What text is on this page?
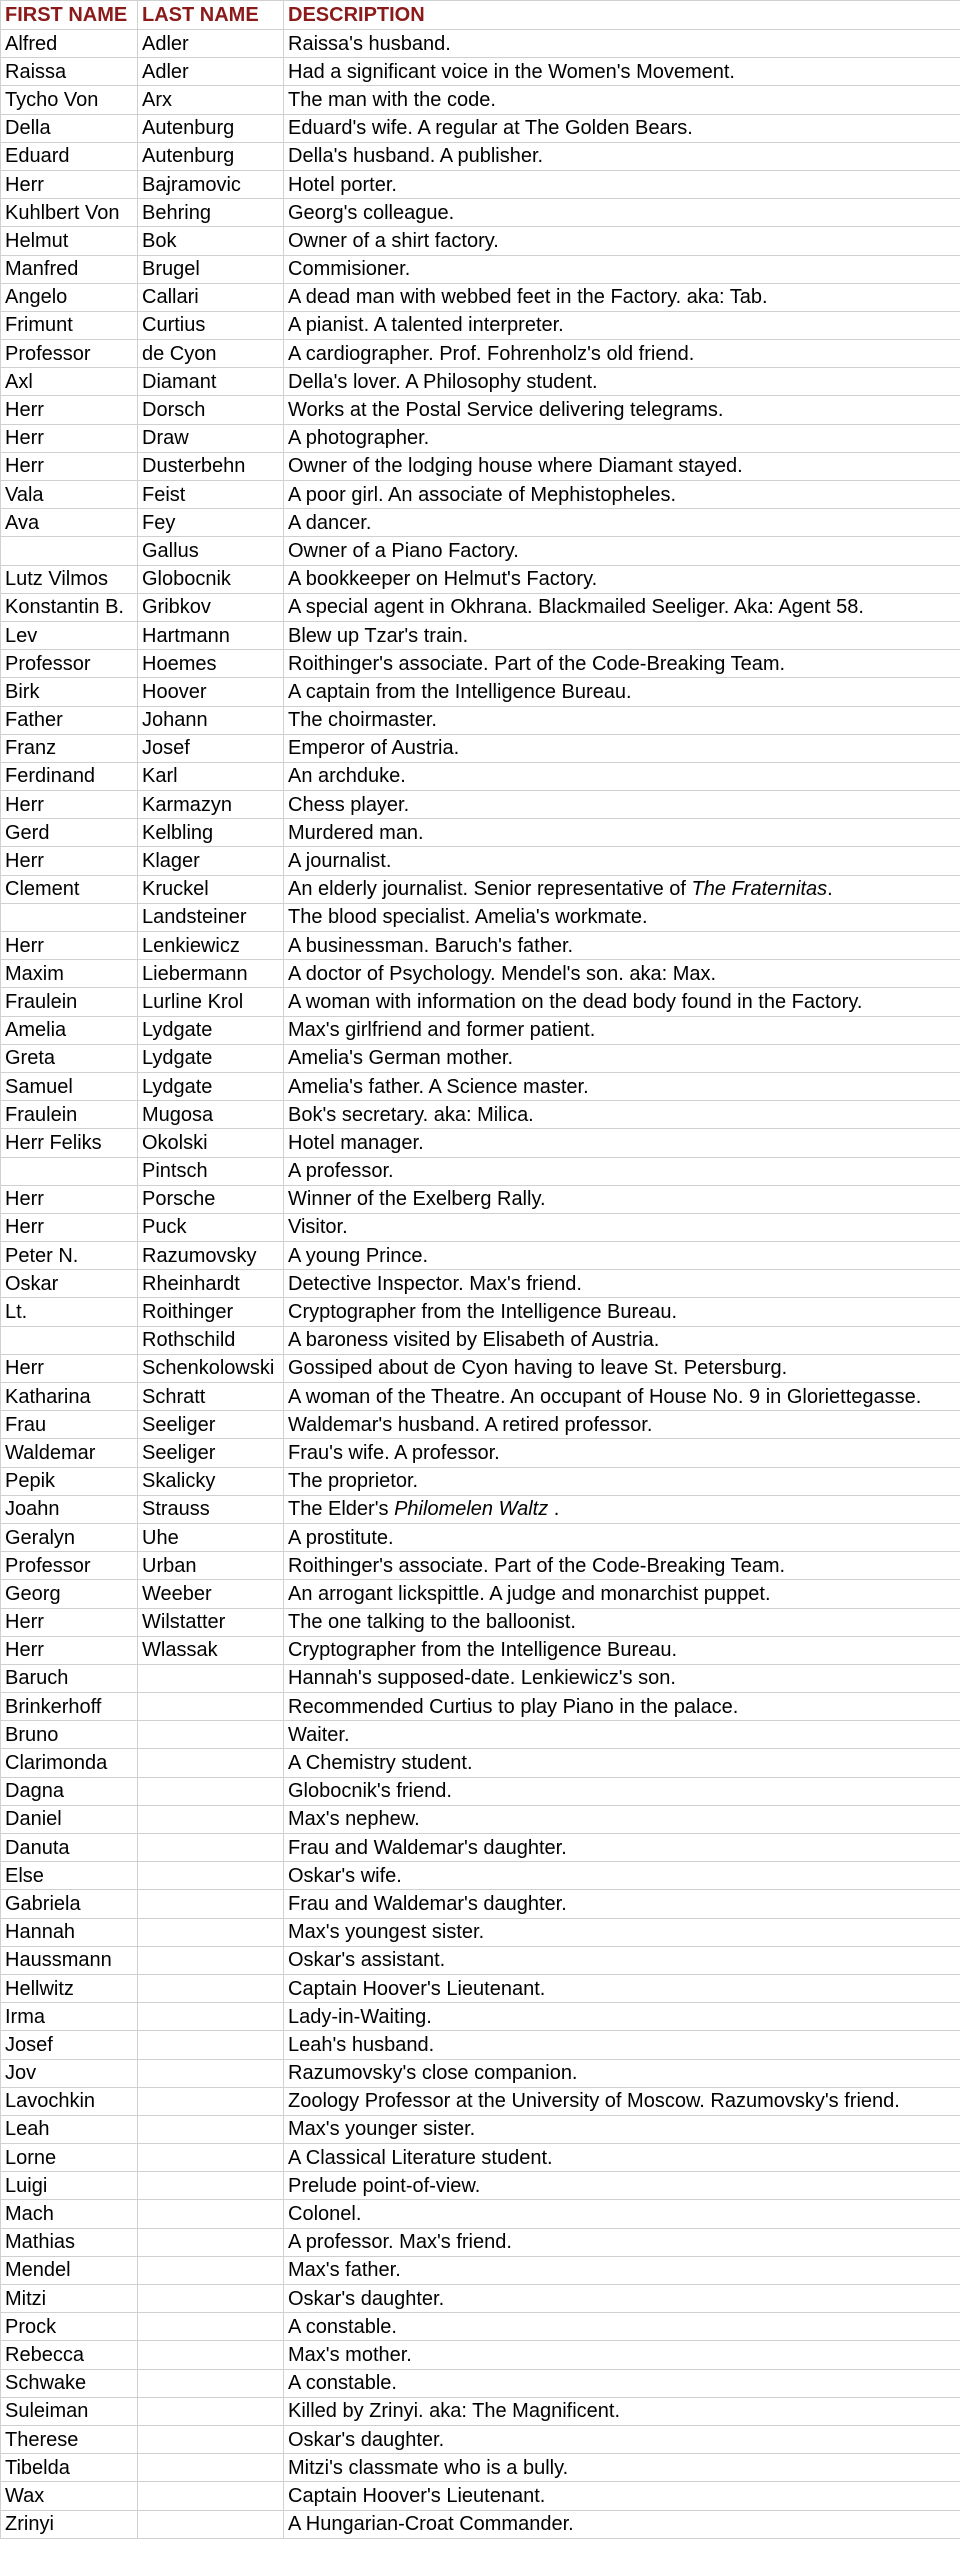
FIRST NAME	LAST NAME	DESCRIPTION
Alfred	Adler	Raissa's husband.
Raissa	Adler	Had a significant voice in the Women's Movement.
Tycho Von	Arx	The man with the code.
Della	Autenburg	Eduard's wife. A regular at The Golden Bears.
Eduard	Autenburg	Della's husband. A publisher.
Herr	Bajramovic	Hotel porter.
Kuhlbert Von	Behring	Georg's colleague.
Helmut	Bok	Owner of a shirt factory.
Manfred	Brugel	Commisioner.
Angelo	Callari	A dead man with webbed feet in the Factory. aka: Tab.
Frimunt	Curtius	A pianist. A talented interpreter.
Professor	de Cyon	A cardiographer. Prof. Fohrenholz's old friend.
Axl	Diamant	Della's lover. A Philosophy student.
Herr	Dorsch	Works at the Postal Service delivering telegrams.
Herr	Draw	A photographer.
Herr	Dusterbehn	Owner of the lodging house where Diamant stayed.
Vala	Feist	A poor girl. An associate of Mephistopheles.
Ava	Fey	A dancer.
	Gallus	Owner of a Piano Factory.
Lutz Vilmos	Globocnik	A bookkeeper on Helmut's Factory.
Konstantin B.	Gribkov	A special agent in Okhrana. Blackmailed Seeliger. Aka: Agent 58.
Lev	Hartmann	Blew up Tzar's train.
Professor	Hoemes	Roithinger's associate. Part of the Code-Breaking Team.
Birk	Hoover	A captain from the Intelligence Bureau.
Father	Johann	The choirmaster.
Franz	Josef	Emperor of Austria.
Ferdinand	Karl	An archduke.
Herr	Karmazyn	Chess player.
Gerd	Kelbling	Murdered man.
Herr	Klager	A journalist.
Clement	Kruckel	An elderly journalist. Senior representative of The Fraternitas.
	Landsteiner	The blood specialist. Amelia's workmate.
Herr	Lenkiewicz	A businessman. Baruch's father.
Maxim	Liebermann	A doctor of Psychology. Mendel's son. aka: Max.
Fraulein	Lurline Krol	A woman with information on the dead body found in the Factory.
Amelia	Lydgate	Max's girlfriend and former patient.
Greta	Lydgate	Amelia's German mother.
Samuel	Lydgate	Amelia's father. A Science master.
Fraulein	Mugosa	Bok's secretary. aka: Milica.
Herr Feliks	Okolski	Hotel manager.
	Pintsch	A professor.
Herr	Porsche	Winner of the Exelberg Rally.
Herr	Puck	Visitor.
Peter N.	Razumovsky	A young Prince.
Oskar	Rheinhardt	Detective Inspector. Max's friend.
Lt.	Roithinger	Cryptographer from the Intelligence Bureau.
	Rothschild	A baroness visited by Elisabeth of Austria.
Herr	Schenkolowski	Gossiped about de Cyon having to leave St. Petersburg.
Katharina	Schratt	A woman of the Theatre. An occupant of House No. 9 in Gloriettegasse.
Frau	Seeliger	Waldemar's husband. A retired professor.
Waldemar	Seeliger	Frau's wife. A professor.
Pepik	Skalicky	The proprietor.
Joahn	Strauss	The Elder's Philomelen Waltz .
Geralyn	Uhe	A prostitute.
Professor	Urban	Roithinger's associate. Part of the Code-Breaking Team.
Georg	Weeber	An arrogant lickspittle. A judge and monarchist puppet.
Herr	Wilstatter	The one talking to the balloonist.
Herr	Wlassak	Cryptographer from the Intelligence Bureau.
Baruch		Hannah's supposed-date. Lenkiewicz's son.
Brinkerhoff		Recommended Curtius to play Piano in the palace.
Bruno		Waiter.
Clarimonda		A Chemistry student.
Dagna		Globocnik's friend.
Daniel		Max's nephew.
Danuta		Frau and Waldemar's daughter.
Else		Oskar's wife.
Gabriela		Frau and Waldemar's daughter.
Hannah		Max's youngest sister.
Haussmann		Oskar's assistant.
Hellwitz		Captain Hoover's Lieutenant.
Irma		Lady-in-Waiting.
Josef		Leah's husband.
Jov		Razumovsky's close companion.
Lavochkin		Zoology Professor at the University of Moscow. Razumovsky's friend.
Leah		Max's younger sister.
Lorne		A Classical Literature student.
Luigi		Prelude point-of-view.
Mach		Colonel.
Mathias		A professor. Max's friend.
Mendel		Max's father.
Mitzi		Oskar's daughter.
Prock		A constable.
Rebecca		Max's mother.
Schwake		A constable.
Suleiman		Killed by Zrinyi. aka: The Magnificent.
Therese		Oskar's daughter.
Tibelda		Mitzi's classmate who is a bully.
Wax		Captain Hoover's Lieutenant.
Zrinyi		A Hungarian-Croat Commander.
